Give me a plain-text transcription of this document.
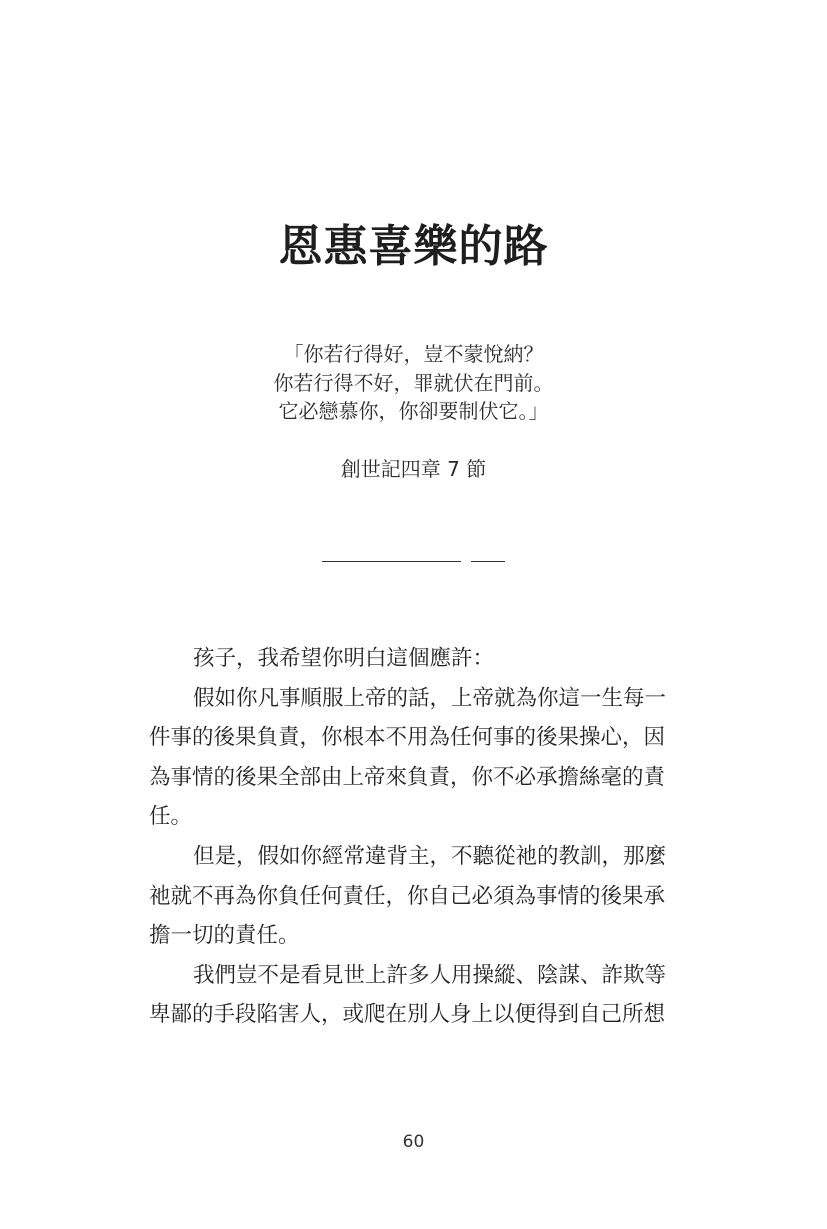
恩惠喜樂的路
「你若行得好，豈不蒙悅納？
你若行得不好，罪就伏在門前。
它必戀慕你，你卻要制伏它。」
創世記四章 7 節
孩子，我希望你明白這個應許：
假如你凡事順服上帝的話，上帝就為你這一生每一
件事的後果負責，你根本不用為任何事的後果操心，因
為事情的後果全部由上帝來負責，你不必承擔絲毫的責
任。
但是，假如你經常違背主，不聽從祂的教訓，那麼
祂就不再為你負任何責任，你自己必須為事情的後果承
擔一切的責任。
我們豈不是看見世上許多人用操縱、陰謀、詐欺等
卑鄙的手段陷害人，或爬在別人身上以便得到自己所想
60
